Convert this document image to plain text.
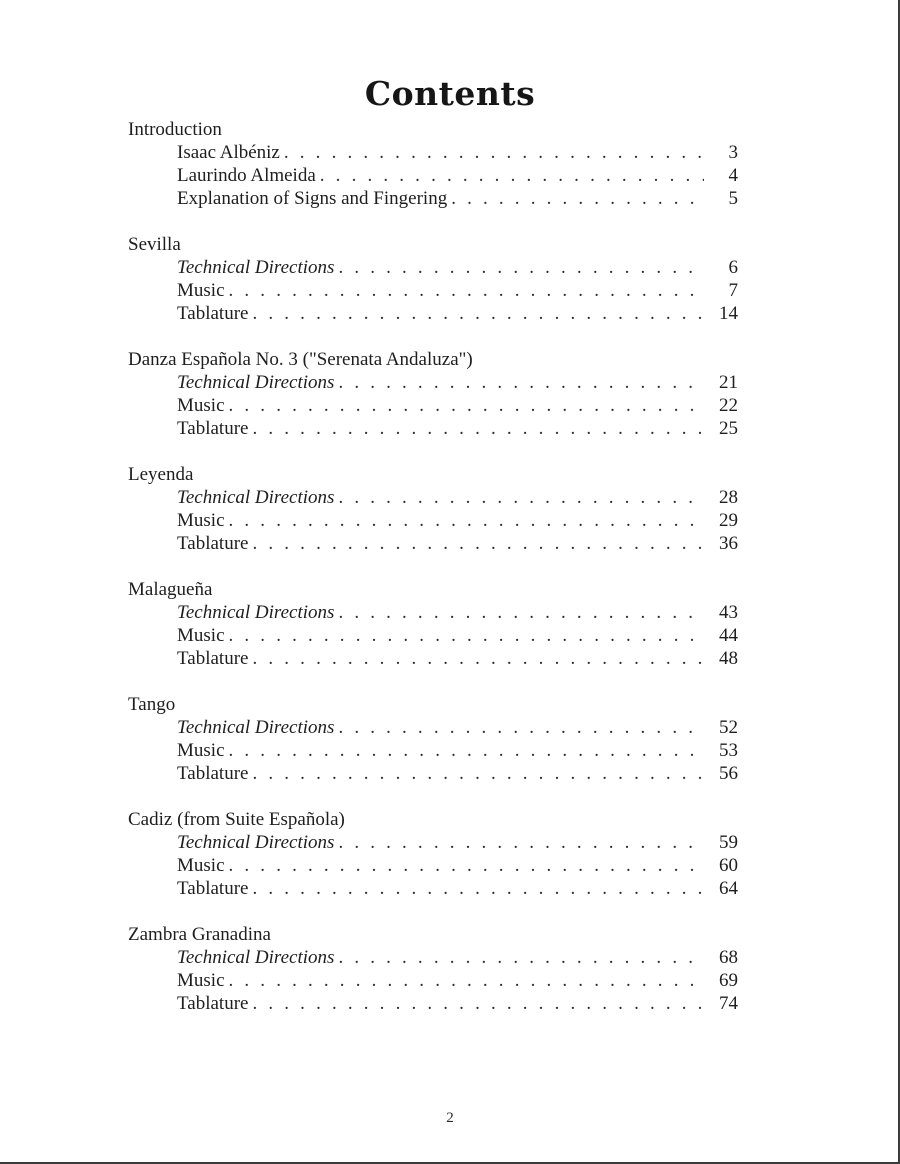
Contents
Introduction
Isaac Albéniz . . .	3
Laurindo Almeida . . .	4
Explanation of Signs and Fingering . . .	5
Sevilla
Technical Directions . . .	6
Music . . .	7
Tablature . . .	14
Danza Española No. 3 ("Serenata Andaluza")
Technical Directions . . .	21
Music . . .	22
Tablature . . .	25
Leyenda
Technical Directions . . .	28
Music . . .	29
Tablature . . .	36
Malagueña
Technical Directions . . .	43
Music . . .	44
Tablature . . .	48
Tango
Technical Directions . . .	52
Music . . .	53
Tablature . . .	56
Cadiz (from Suite Española)
Technical Directions . . .	59
Music . . .	60
Tablature . . .	64
Zambra Granadina
Technical Directions . . .	68
Music . . .	69
Tablature . . .	74
2
